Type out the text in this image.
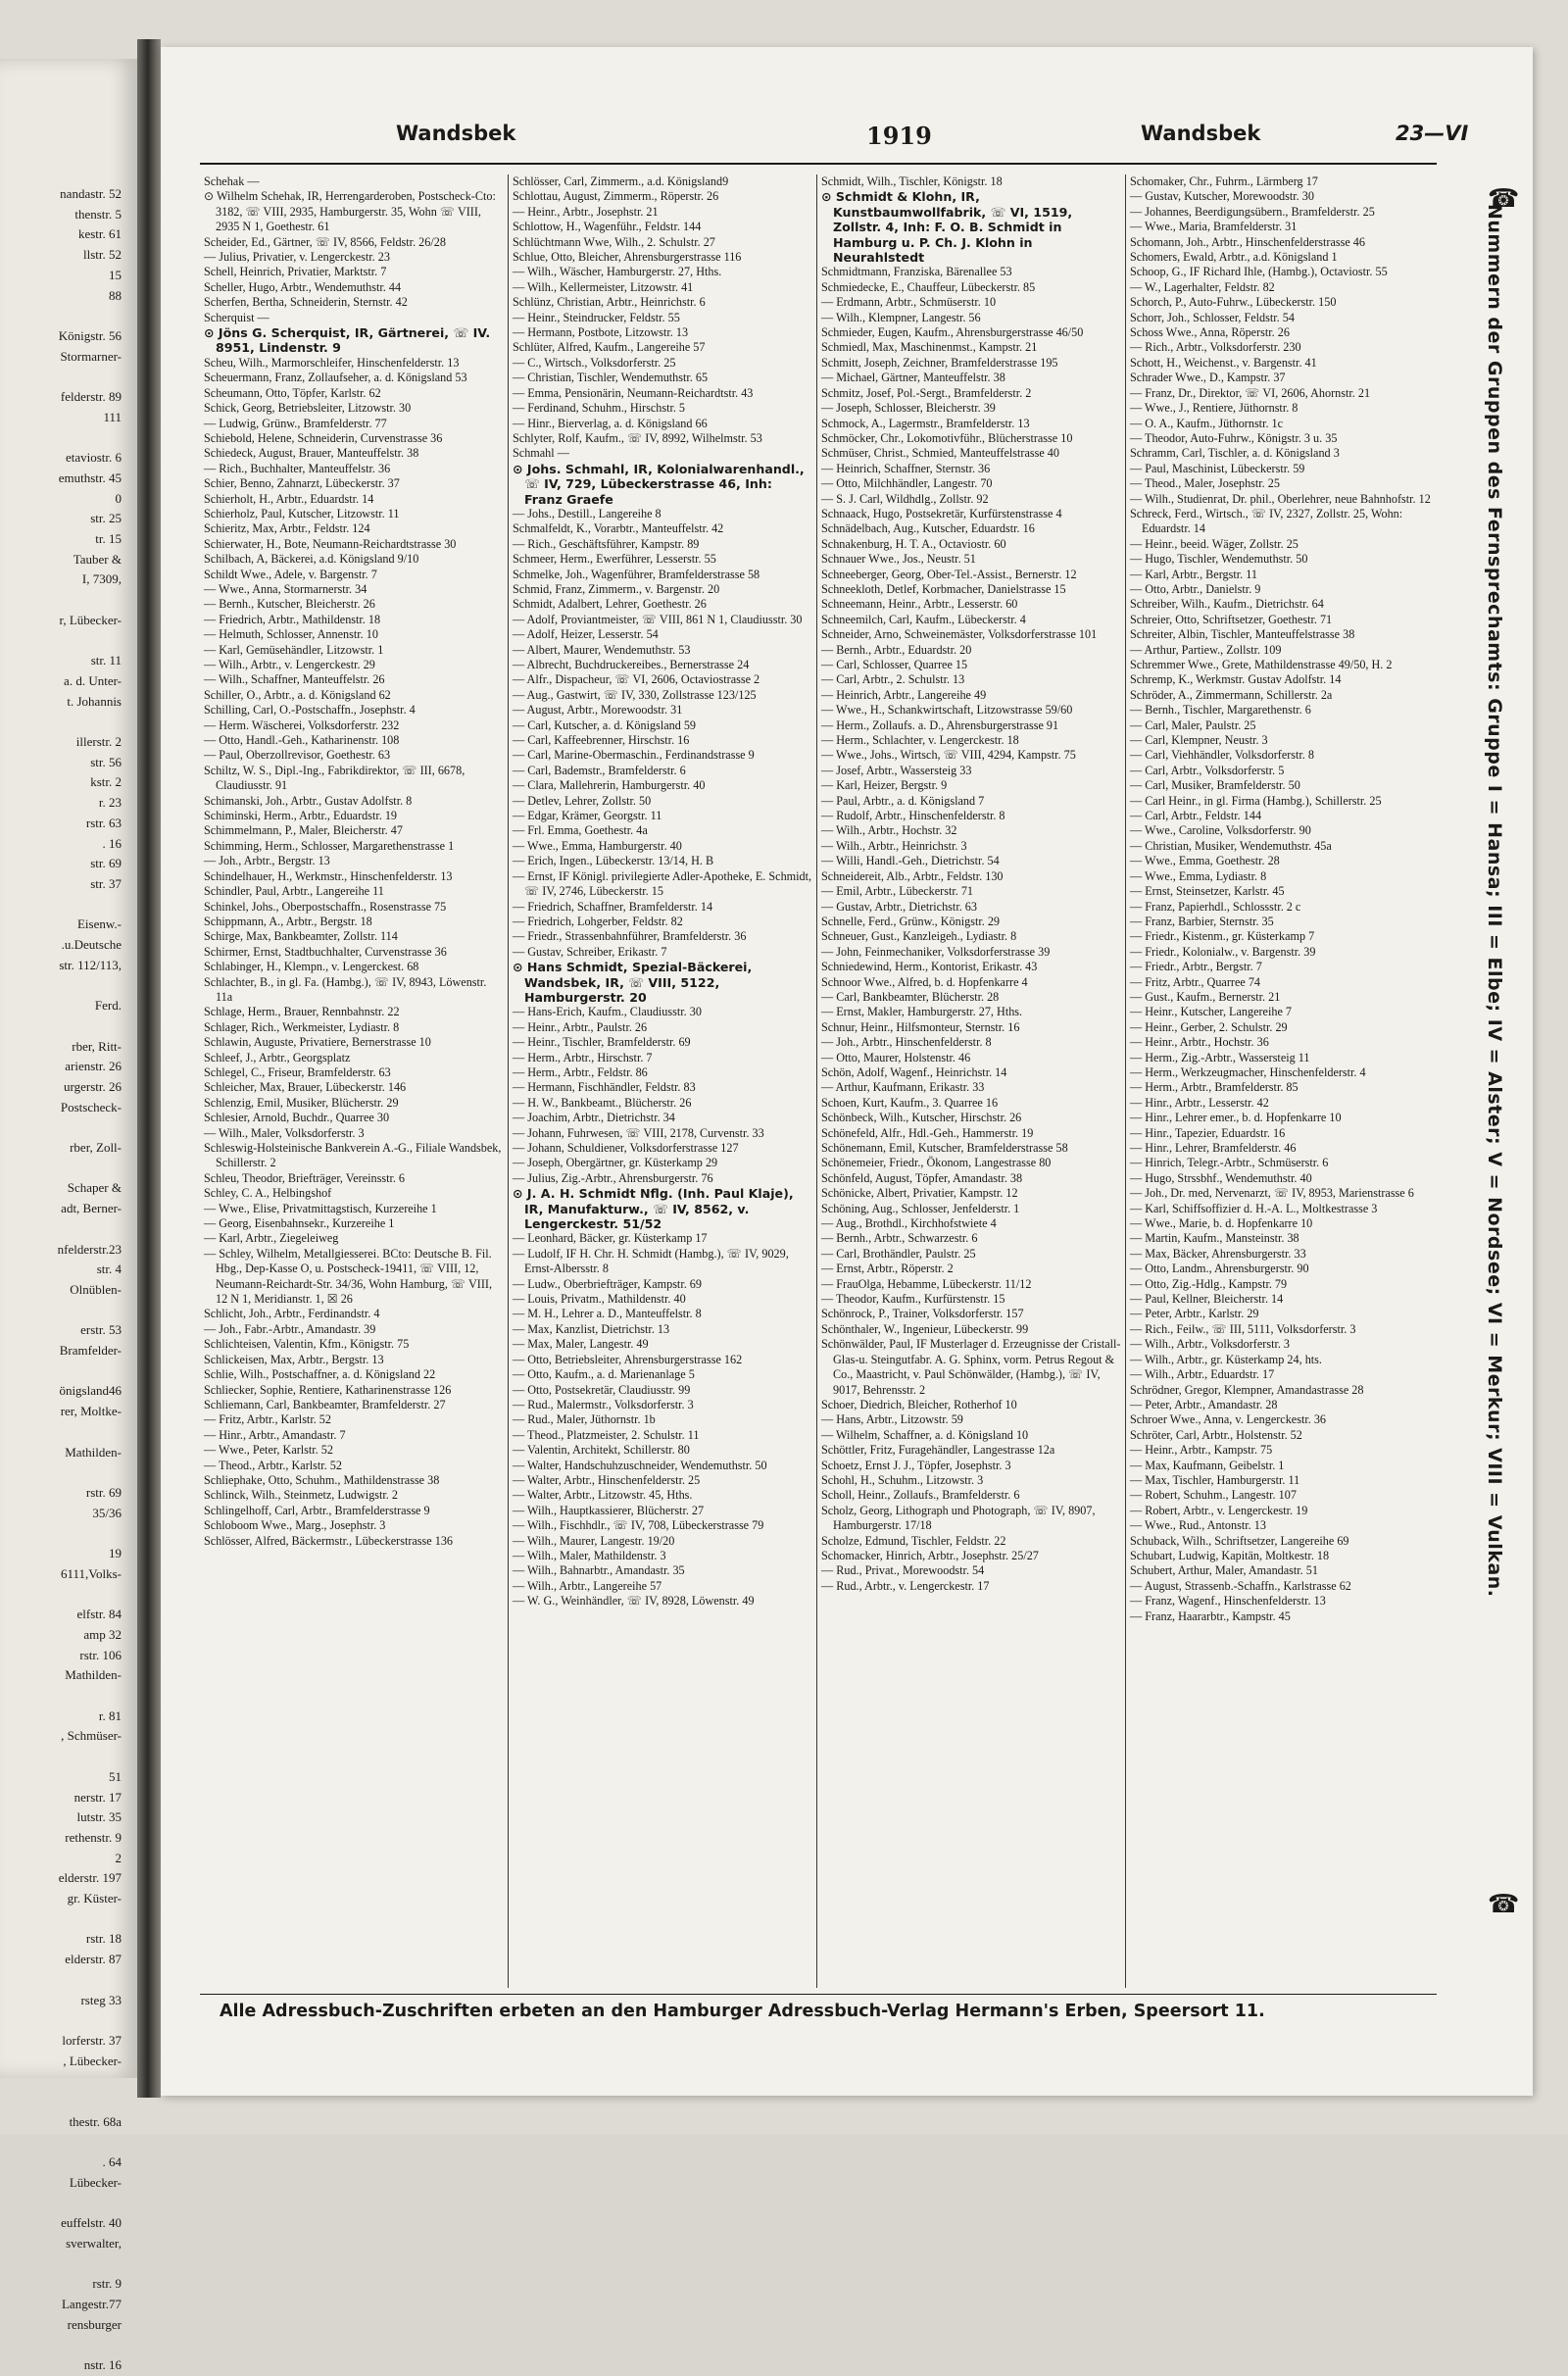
nandastr. 52
thenstr. 5
kestr. 61
llstr. 52
15
88

Königstr. 56
Stormarner-

felderstr. 89
111

etaviostr. 6
emuthstr. 45
0
str. 25
tr. 15
Tauber &
I, 7309,

r, Lübecker-

str. 11
a. d. Unter-
t. Johannis

illerstr. 2
str. 56
kstr. 2
r. 23
rstr. 63
. 16
str. 69
str. 37

Eisenw.-
.u.Deutsche
str. 112/113,

Ferd.

rber, Ritt-
arienstr. 26
urgerstr. 26
Postscheck-

rber, Zoll-

Schaper &
adt, Berner-

nfelderstr.23
str. 4
Olnüblen-

erstr. 53
Bramfelder-

önigsland46
rer, Moltke-

Mathilden-

rstr. 69
35/36

19
6111,Volks-

elfstr. 84
amp 32
rstr. 106
Mathilden-

r. 81
, Schmüser-

51
nerstr. 17
lutstr. 35
rethenstr. 9
2
elderstr. 197
gr. Küster-

rstr. 18
elderstr. 87

rsteg 33

lorferstr. 37
, Lübecker-

thestr. 68a

. 64
Lübecker-

euffelstr. 40
sverwalter,

rstr. 9
Langestr.77
rensburger

nstr. 16
Wandsbek	1919	Wandsbek	23—VI

Schehak —

⊙ Wilhelm Schehak, IR, Herrengarderoben, Postscheck-Cto: 3182, ☏ VIII, 2935, Hamburgerstr. 35, Wohn ☏ VIII, 2935 N 1, Goethestr. 61

Scheider, Ed., Gärtner, ☏ IV, 8566, Feldstr. 26/28

— Julius, Privatier, v. Lengerckestr. 23

Schell, Heinrich, Privatier, Marktstr. 7

Scheller, Hugo, Arbtr., Wendemuthstr. 44

Scherfen, Bertha, Schneiderin, Sternstr. 42

Scherquist —

⊙ Jöns G. Scherquist, IR, Gärtnerei, ☏ IV. 8951, Lindenstr. 9

Scheu, Wilh., Marmorschleifer, Hinschenfelderstr. 13

Scheuermann, Franz, Zollaufseher, a. d. Königsland 53

Scheumann, Otto, Töpfer, Karlstr. 62

Schick, Georg, Betriebsleiter, Litzowstr. 30

— Ludwig, Grünw., Bramfelderstr. 77

Schiebold, Helene, Schneiderin, Curvenstrasse 36

Schiedeck, August, Brauer, Manteuffelstr. 38

— Rich., Buchhalter, Manteuffelstr. 36

Schier, Benno, Zahnarzt, Lübeckerstr. 37

Schierholt, H., Arbtr., Eduardstr. 14

Schierholz, Paul, Kutscher, Litzowstr. 11

Schieritz, Max, Arbtr., Feldstr. 124

Schierwater, H., Bote, Neumann-Reichardtstrasse 30

Schilbach, A, Bäckerei, a.d. Königsland 9/10

Schildt Wwe., Adele, v. Bargenstr. 7

— Wwe., Anna, Stormarnerstr. 34

— Bernh., Kutscher, Bleicherstr. 26

— Friedrich, Arbtr., Mathildenstr. 18

— Helmuth, Schlosser, Annenstr. 10

— Karl, Gemüsehändler, Litzowstr. 1

— Wilh., Arbtr., v. Lengerckestr. 29

— Wilh., Schaffner, Manteuffelstr. 26

Schiller, O., Arbtr., a. d. Königsland 62

Schilling, Carl, O.-Postschaffn., Josephstr. 4

— Herm. Wäscherei, Volksdorferstr. 232

— Otto, Handl.-Geh., Katharinenstr. 108

— Paul, Oberzollrevisor, Goethestr. 63

Schiltz, W. S., Dipl.-Ing., Fabrikdirektor, ☏ III, 6678, Claudiusstr. 91

Schimanski, Joh., Arbtr., Gustav Adolfstr. 8

Schiminski, Herm., Arbtr., Eduardstr. 19

Schimmelmann, P., Maler, Bleicherstr. 47

Schimming, Herm., Schlosser, Margarethenstrasse 1

— Joh., Arbtr., Bergstr. 13

Schindelhauer, H., Werkmstr., Hinschenfelderstr. 13

Schindler, Paul, Arbtr., Langereihe 11

Schinkel, Johs., Oberpostschaffn., Rosenstrasse 75

Schippmann, A., Arbtr., Bergstr. 18

Schirge, Max, Bankbeamter, Zollstr. 114

Schirmer, Ernst, Stadtbuchhalter, Curvenstrasse 36

Schlabinger, H., Klempn., v. Lengerckest. 68

Schlachter, B., in gl. Fa. (Hambg.), ☏ IV, 8943, Löwenstr. 11a

Schlage, Herm., Brauer, Rennbahnstr. 22

Schlager, Rich., Werkmeister, Lydiastr. 8

Schlawin, Auguste, Privatiere, Bernerstrasse 10

Schleef, J., Arbtr., Georgsplatz

Schlegel, C., Friseur, Bramfelderstr. 63

Schleicher, Max, Brauer, Lübeckerstr. 146

Schlenzig, Emil, Musiker, Blücherstr. 29

Schlesier, Arnold, Buchdr., Quarree 30

— Wilh., Maler, Volksdorferstr. 3

Schleswig-Holsteinische Bankverein A.-G., Filiale Wandsbek, Schillerstr. 2

Schleu, Theodor, Briefträger, Vereinsstr. 6

Schley, C. A., Helbingshof

— Wwe., Elise, Privatmittagstisch, Kurzereihe 1

— Georg, Eisenbahnsekr., Kurzereihe 1

— Karl, Arbtr., Ziegeleiweg

— Schley, Wilhelm, Metallgiesserei. BCto: Deutsche B. Fil. Hbg., Dep-Kasse O, u. Postscheck-19411, ☏ VIII, 12, Neumann-Reichardt-Str. 34/36, Wohn Hamburg, ☏ VIII, 12 N 1, Meridianstr. 1, ☒ 26

Schlicht, Joh., Arbtr., Ferdinandstr. 4

— Joh., Fabr.-Arbtr., Amandastr. 39

Schlichteisen, Valentin, Kfm., Königstr. 75

Schlickeisen, Max, Arbtr., Bergstr. 13

Schlie, Wilh., Postschaffner, a. d. Königsland 22

Schliecker, Sophie, Rentiere, Katharinenstrasse 126

Schliemann, Carl, Bankbeamter, Bramfelderstr. 27

— Fritz, Arbtr., Karlstr. 52

— Hinr., Arbtr., Amandastr. 7

— Wwe., Peter, Karlstr. 52

— Theod., Arbtr., Karlstr. 52

Schliephake, Otto, Schuhm., Mathildenstrasse 38

Schlinck, Wilh., Steinmetz, Ludwigstr. 2

Schlingelhoff, Carl, Arbtr., Bramfelderstrasse 9

Schloboom Wwe., Marg., Josephstr. 3

Schlösser, Alfred, Bäckermstr., Lübeckerstrasse 136

Schlösser, Carl, Zimmerm., a.d. Königsland9

Schlottau, August, Zimmerm., Röperstr. 26

— Heinr., Arbtr., Josephstr. 21

Schlottow, H., Wagenführ., Feldstr. 144

Schlüchtmann Wwe, Wilh., 2. Schulstr. 27

Schlue, Otto, Bleicher, Ahrensburgerstrasse 116

— Wilh., Wäscher, Hamburgerstr. 27, Hths.

— Wilh., Kellermeister, Litzowstr. 41

Schlünz, Christian, Arbtr., Heinrichstr. 6

— Heinr., Steindrucker, Feldstr. 55

— Hermann, Postbote, Litzowstr. 13

Schlüter, Alfred, Kaufm., Langereihe 57

— C., Wirtsch., Volksdorferstr. 25

— Christian, Tischler, Wendemuthstr. 65

— Emma, Pensionärin, Neumann-Reichardtstr. 43

— Ferdinand, Schuhm., Hirschstr. 5

— Hinr., Bierverlag, a. d. Königsland 66

Schlyter, Rolf, Kaufm., ☏ IV, 8992, Wilhelmstr. 53

Schmahl —

⊙ Johs. Schmahl, IR, Kolonialwarenhandl., ☏ IV, 729, Lübeckerstrasse 46, Inh: Franz Graefe

— Johs., Destill., Langereihe 8

Schmalfeldt, K., Vorarbtr., Manteuffelstr. 42

— Rich., Geschäftsführer, Kampstr. 89

Schmeer, Herm., Ewerführer, Lesserstr. 55

Schmelke, Joh., Wagenführer, Bramfelderstrasse 58

Schmid, Franz, Zimmerm., v. Bargenstr. 20

Schmidt, Adalbert, Lehrer, Goethestr. 26

— Adolf, Proviantmeister, ☏ VIII, 861 N 1, Claudiusstr. 30

— Adolf, Heizer, Lesserstr. 54

— Albert, Maurer, Wendemuthstr. 53

— Albrecht, Buchdruckereibes., Bernerstrasse 24

— Alfr., Dispacheur, ☏ VI, 2606, Octaviostrasse 2

— Aug., Gastwirt, ☏ IV, 330, Zollstrasse 123/125

— August, Arbtr., Morewoodstr. 31

— Carl, Kutscher, a. d. Königsland 59

— Carl, Kaffeebrenner, Hirschstr. 16

— Carl, Marine-Obermaschin., Ferdinandstrasse 9

— Carl, Bademstr., Bramfelderstr. 6

— Clara, Mallehrerin, Hamburgerstr. 40

— Detlev, Lehrer, Zollstr. 50

— Edgar, Krämer, Georgstr. 11

— Frl. Emma, Goethestr. 4a

— Wwe., Emma, Hamburgerstr. 40

— Erich, Ingen., Lübeckerstr. 13/14, H. B

— Ernst, IF Königl. privilegierte Adler-Apotheke, E. Schmidt, ☏ IV, 2746, Lübeckerstr. 15

— Friedrich, Schaffner, Bramfelderstr. 14

— Friedrich, Lohgerber, Feldstr. 82

— Friedr., Strassenbahnführer, Bramfelderstr. 36

— Gustav, Schreiber, Erikastr. 7

⊙ Hans Schmidt, Spezial-Bäckerei, Wandsbek, IR, ☏ VIII, 5122, Hamburgerstr. 20

— Hans-Erich, Kaufm., Claudiusstr. 30

— Heinr., Arbtr., Paulstr. 26

— Heinr., Tischler, Bramfelderstr. 69

— Herm., Arbtr., Hirschstr. 7

— Herm., Arbtr., Feldstr. 86

— Hermann, Fischhändler, Feldstr. 83

— H. W., Bankbeamt., Blücherstr. 26

— Joachim, Arbtr., Dietrichstr. 34

— Johann, Fuhrwesen, ☏ VIII, 2178, Curvenstr. 33

— Johann, Schuldiener, Volksdorferstrasse 127

— Joseph, Obergärtner, gr. Küsterkamp 29

— Julius, Zig.-Arbtr., Ahrensburgerstr. 76

⊙ J. A. H. Schmidt Nflg. (Inh. Paul Klaje), IR, Manufakturw., ☏ IV, 8562, v. Lengerckestr. 51/52

— Leonhard, Bäcker, gr. Küsterkamp 17

— Ludolf, IF H. Chr. H. Schmidt (Hambg.), ☏ IV, 9029, Ernst-Albersstr. 8

— Ludw., Oberbriefträger, Kampstr. 69

— Louis, Privatm., Mathildenstr. 40

— M. H., Lehrer a. D., Manteuffelstr. 8

— Max, Kanzlist, Dietrichstr. 13

— Max, Maler, Langestr. 49

— Otto, Betriebsleiter, Ahrensburgerstrasse 162

— Otto, Kaufm., a. d. Marienanlage 5

— Otto, Postsekretär, Claudiusstr. 99

— Rud., Malermstr., Volksdorferstr. 3

— Rud., Maler, Jüthornstr. 1b

— Theod., Platzmeister, 2. Schulstr. 11

— Valentin, Architekt, Schillerstr. 80

— Walter, Handschuhzuschneider, Wendemuthstr. 50

— Walter, Arbtr., Hinschenfelderstr. 25

— Walter, Arbtr., Litzowstr. 45, Hths.

— Wilh., Hauptkassierer, Blücherstr. 27

— Wilh., Fischhdlr., ☏ IV, 708, Lübeckerstrasse 79

— Wilh., Maurer, Langestr. 19/20

— Wilh., Maler, Mathildenstr. 3

— Wilh., Bahnarbtr., Amandastr. 35

— Wilh., Arbtr., Langereihe 57

— W. G., Weinhändler, ☏ IV, 8928, Löwenstr. 49

Schmidt, Wilh., Tischler, Königstr. 18

⊙ Schmidt & Klohn, IR, Kunstbaumwollfabrik, ☏ VI, 1519, Zollstr. 4, Inh: F. O. B. Schmidt in Hamburg u. P. Ch. J. Klohn in Neurahlstedt

Schmidtmann, Franziska, Bärenallee 53

Schmiedecke, E., Chauffeur, Lübeckerstr. 85

— Erdmann, Arbtr., Schmüserstr. 10

— Wilh., Klempner, Langestr. 56

Schmieder, Eugen, Kaufm., Ahrensburgerstrasse 46/50

Schmiedl, Max, Maschinenmst., Kampstr. 21

Schmitt, Joseph, Zeichner, Bramfelderstrasse 195

— Michael, Gärtner, Manteuffelstr. 38

Schmitz, Josef, Pol.-Sergt., Bramfelderstr. 2

— Joseph, Schlosser, Bleicherstr. 39

Schmock, A., Lagermstr., Bramfelderstr. 13

Schmöcker, Chr., Lokomotivführ., Blücherstrasse 10

Schmüser, Christ., Schmied, Manteuffelstrasse 40

— Heinrich, Schaffner, Sternstr. 36

— Otto, Milchhändler, Langestr. 70

— S. J. Carl, Wildhdlg., Zollstr. 92

Schnaack, Hugo, Postsekretär, Kurfürstenstrasse 4

Schnädelbach, Aug., Kutscher, Eduardstr. 16

Schnakenburg, H. T. A., Octaviostr. 60

Schnauer Wwe., Jos., Neustr. 51

Schneeberger, Georg, Ober-Tel.-Assist., Bernerstr. 12

Schneekloth, Detlef, Korbmacher, Danielstrasse 15

Schneemann, Heinr., Arbtr., Lesserstr. 60

Schneemilch, Carl, Kaufm., Lübeckerstr. 4

Schneider, Arno, Schweinemäster, Volksdorferstrasse 101

— Bernh., Arbtr., Eduardstr. 20

— Carl, Schlosser, Quarree 15

— Carl, Arbtr., 2. Schulstr. 13

— Heinrich, Arbtr., Langereihe 49

— Wwe., H., Schankwirtschaft, Litzowstrasse 59/60

— Herm., Zollaufs. a. D., Ahrensburgerstrasse 91

— Herm., Schlachter, v. Lengerckestr. 18

— Wwe., Johs., Wirtsch, ☏ VIII, 4294, Kampstr. 75

— Josef, Arbtr., Wassersteig 33

— Karl, Heizer, Bergstr. 9

— Paul, Arbtr., a. d. Königsland 7

— Rudolf, Arbtr., Hinschenfelderstr. 8

— Wilh., Arbtr., Hochstr. 32

— Wilh., Arbtr., Heinrichstr. 3

— Willi, Handl.-Geh., Dietrichstr. 54

Schneidereit, Alb., Arbtr., Feldstr. 130

— Emil, Arbtr., Lübeckerstr. 71

— Gustav, Arbtr., Dietrichstr. 63

Schnelle, Ferd., Grünw., Königstr. 29

Schneuer, Gust., Kanzleigeh., Lydiastr. 8

— John, Feinmechaniker, Volksdorferstrasse 39

Schniedewind, Herm., Kontorist, Erikastr. 43

Schnoor Wwe., Alfred, b. d. Hopfenkarre 4

— Carl, Bankbeamter, Blücherstr. 28

— Ernst, Makler, Hamburgerstr. 27, Hths.

Schnur, Heinr., Hilfsmonteur, Sternstr. 16

— Joh., Arbtr., Hinschenfelderstr. 8

— Otto, Maurer, Holstenstr. 46

Schön, Adolf, Wagenf., Heinrichstr. 14

— Arthur, Kaufmann, Erikastr. 33

Schoen, Kurt, Kaufm., 3. Quarree 16

Schönbeck, Wilh., Kutscher, Hirschstr. 26

Schönefeld, Alfr., Hdl.-Geh., Hammerstr. 19

Schönemann, Emil, Kutscher, Bramfelderstrasse 58

Schönemeier, Friedr., Ökonom, Langestrasse 80

Schönfeld, August, Töpfer, Amandastr. 38

Schönicke, Albert, Privatier, Kampstr. 12

Schöning, Aug., Schlosser, Jenfelderstr. 1

— Aug., Brothdl., Kirchhofstwiete 4

— Bernh., Arbtr., Schwarzestr. 6

— Carl, Brothändler, Paulstr. 25

— Ernst, Arbtr., Röperstr. 2

— FrauOlga, Hebamme, Lübeckerstr. 11/12

— Theodor, Kaufm., Kurfürstenstr. 15

Schönrock, P., Trainer, Volksdorferstr. 157

Schönthaler, W., Ingenieur, Lübeckerstr. 99

Schönwälder, Paul, IF Musterlager d. Erzeugnisse der Cristall-Glas-u. Steingutfabr. A. G. Sphinx, vorm. Petrus Regout & Co., Maastricht, v. Paul Schönwälder, (Hambg.), ☏ IV, 9017, Behrensstr. 2

Schoer, Diedrich, Bleicher, Rotherhof 10

— Hans, Arbtr., Litzowstr. 59

— Wilhelm, Schaffner, a. d. Königsland 10

Schöttler, Fritz, Furagehändler, Langestrasse 12a

Schoetz, Ernst J. J., Töpfer, Josephstr. 3

Schohl, H., Schuhm., Litzowstr. 3

Scholl, Heinr., Zollaufs., Bramfelderstr. 6

Scholz, Georg, Lithograph und Photograph, ☏ IV, 8907, Hamburgerstr. 17/18

Scholze, Edmund, Tischler, Feldstr. 22

Schomacker, Hinrich, Arbtr., Josephstr. 25/27

— Rud., Privat., Morewoodstr. 54

— Rud., Arbtr., v. Lengerckestr. 17

Schomaker, Chr., Fuhrm., Lärmberg 17

— Gustav, Kutscher, Morewoodstr. 30

— Johannes, Beerdigungsübern., Bramfelderstr. 25

— Wwe., Maria, Bramfelderstr. 31

Schomann, Joh., Arbtr., Hinschenfelderstrasse 46

Schomers, Ewald, Arbtr., a.d. Königsland 1

Schoop, G., IF Richard Ihle, (Hambg.), Octaviostr. 55

— W., Lagerhalter, Feldstr. 82

Schorch, P., Auto-Fuhrw., Lübeckerstr. 150

Schorr, Joh., Schlosser, Feldstr. 54

Schoss Wwe., Anna, Röperstr. 26

— Rich., Arbtr., Volksdorferstr. 230

Schott, H., Weichenst., v. Bargenstr. 41

Schrader Wwe., D., Kampstr. 37

— Franz, Dr., Direktor, ☏ VI, 2606, Ahornstr. 21

— Wwe., J., Rentiere, Jüthornstr. 8

— O. A., Kaufm., Jüthornstr. 1c

— Theodor, Auto-Fuhrw., Königstr. 3 u. 35

Schramm, Carl, Tischler, a. d. Königsland 3

— Paul, Maschinist, Lübeckerstr. 59

— Theod., Maler, Josephstr. 25

— Wilh., Studienrat, Dr. phil., Oberlehrer, neue Bahnhofstr. 12

Schreck, Ferd., Wirtsch., ☏ IV, 2327, Zollstr. 25, Wohn: Eduardstr. 14

— Heinr., beeid. Wäger, Zollstr. 25

— Hugo, Tischler, Wendemuthstr. 50

— Karl, Arbtr., Bergstr. 11

— Otto, Arbtr., Danielstr. 9

Schreiber, Wilh., Kaufm., Dietrichstr. 64

Schreier, Otto, Schriftsetzer, Goethestr. 71

Schreiter, Albin, Tischler, Manteuffelstrasse 38

— Arthur, Partiew., Zollstr. 109

Schremmer Wwe., Grete, Mathildenstrasse 49/50, H. 2

Schremp, K., Werkmstr. Gustav Adolfstr. 14

Schröder, A., Zimmermann, Schillerstr. 2a

— Bernh., Tischler, Margarethenstr. 6

— Carl, Maler, Paulstr. 25

— Carl, Klempner, Neustr. 3

— Carl, Viehhändler, Volksdorferstr. 8

— Carl, Arbtr., Volksdorferstr. 5

— Carl, Musiker, Bramfelderstr. 50

— Carl Heinr., in gl. Firma (Hambg.), Schillerstr. 25

— Carl, Arbtr., Feldstr. 144

— Wwe., Caroline, Volksdorferstr. 90

— Christian, Musiker, Wendemuthstr. 45a

— Wwe., Emma, Goethestr. 28

— Wwe., Emma, Lydiastr. 8

— Ernst, Steinsetzer, Karlstr. 45

— Franz, Papierhdl., Schlossstr. 2 c

— Franz, Barbier, Sternstr. 35

— Friedr., Kistenm., gr. Küsterkamp 7

— Friedr., Kolonialw., v. Bargenstr. 39

— Friedr., Arbtr., Bergstr. 7

— Fritz, Arbtr., Quarree 74

— Gust., Kaufm., Bernerstr. 21

— Heinr., Kutscher, Langereihe 7

— Heinr., Gerber, 2. Schulstr. 29

— Heinr., Arbtr., Hochstr. 36

— Herm., Zig.-Arbtr., Wassersteig 11

— Herm., Werkzeugmacher, Hinschenfelderstr. 4

— Herm., Arbtr., Bramfelderstr. 85

— Hinr., Arbtr., Lesserstr. 42

— Hinr., Lehrer emer., b. d. Hopfenkarre 10

— Hinr., Tapezier, Eduardstr. 16

— Hinr., Lehrer, Bramfelderstr. 46

— Hinrich, Telegr.-Arbtr., Schmüserstr. 6

— Hugo, Strssbhf., Wendemuthstr. 40

— Joh., Dr. med, Nervenarzt, ☏ IV, 8953, Marienstrasse 6

— Karl, Schiffsoffizier d. H.-A. L., Moltkestrasse 3

— Wwe., Marie, b. d. Hopfenkarre 10

— Martin, Kaufm., Mansteinstr. 38

— Max, Bäcker, Ahrensburgerstr. 33

— Otto, Landm., Ahrensburgerstr. 90

— Otto, Zig.-Hdlg., Kampstr. 79

— Paul, Kellner, Bleicherstr. 14

— Peter, Arbtr., Karlstr. 29

— Rich., Feilw., ☏ III, 5111, Volksdorferstr. 3

— Wilh., Arbtr., Volksdorferstr. 3

— Wilh., Arbtr., gr. Küsterkamp 24, hts.

— Wilh., Arbtr., Eduardstr. 17

Schrödner, Gregor, Klempner, Amandastrasse 28

— Peter, Arbtr., Amandastr. 28

Schroer Wwe., Anna, v. Lengerckestr. 36

Schröter, Carl, Arbtr., Holstenstr. 52

— Heinr., Arbtr., Kampstr. 75

— Max, Kaufmann, Geibelstr. 1

— Max, Tischler, Hamburgerstr. 11

— Robert, Schuhm., Langestr. 107

— Robert, Arbtr., v. Lengerckestr. 19

— Wwe., Rud., Antonstr. 13

Schuback, Wilh., Schriftsetzer, Langereihe 69

Schubart, Ludwig, Kapitän, Moltkestr. 18

Schubert, Arthur, Maler, Amandastr. 51

— August, Strassenb.-Schaffn., Karlstrasse 62

— Franz, Wagenf., Hinschenfelderstr. 13

— Franz, Haararbtr., Kampstr. 45

Alle Adressbuch-Zuschriften erbeten an den Hamburger Adressbuch-Verlag Hermann's Erben, Speersort 11.
☎
Nummern der Gruppen des Fernsprechamts: Gruppe I = Hansa; III = Elbe; IV = Alster; V = Nordsee; VI = Merkur; VIII = Vulkan.
☎
